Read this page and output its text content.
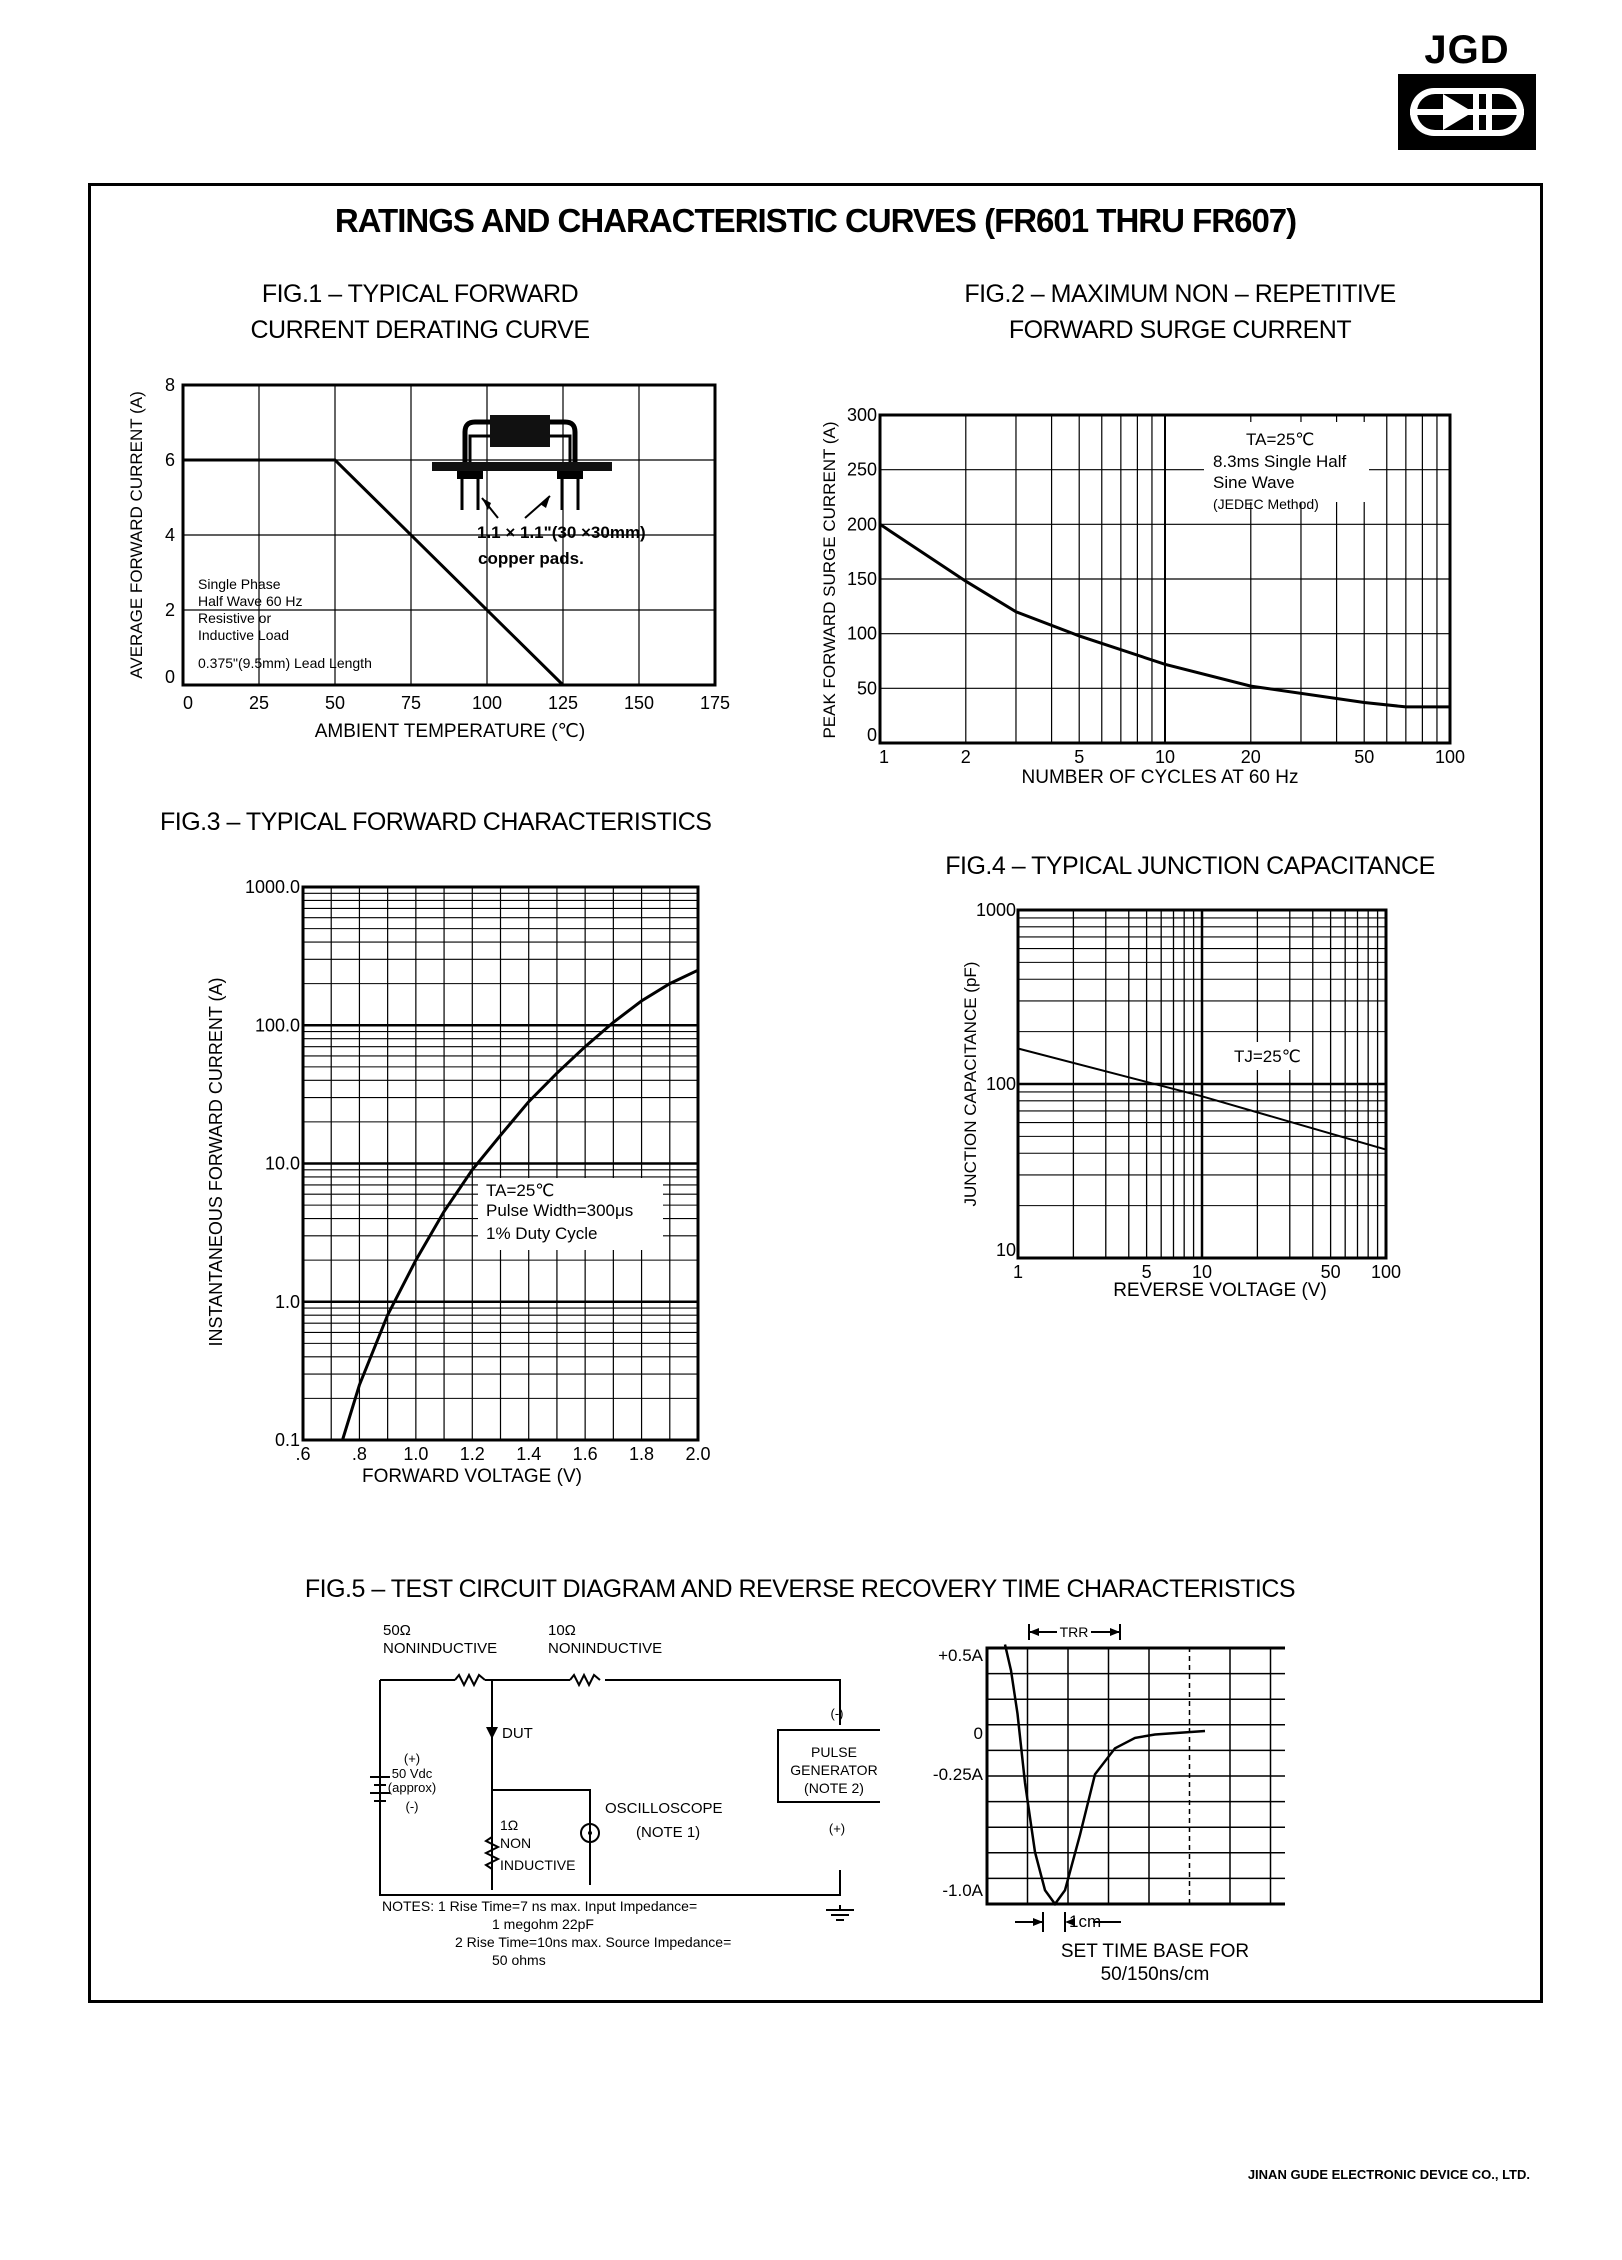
JGD
RATINGS AND CHARACTERISTIC CURVES (FR601 THRU FR607)
FIG.1 – TYPICAL FORWARD
CURRENT DERATING CURVE
0	25	50	75	100	125	150	175
0
2
4
6
8
1.1 × 1.1"(30 ×30mm)
copper pads.
Single Phase
Half Wave 60 Hz
Resistive or
Inductive Load
0.375"(9.5mm) Lead Length
AVERAGE FORWARD CURRENT (A)
AMBIENT TEMPERATURE (℃)
FIG.2 – MAXIMUM NON – REPETITIVE
FORWARD SURGE CURRENT
1	2	5	10	20	50	100
0
50
100
150
200
250
300
TA=25℃
8.3ms Single Half
Sine Wave
(JEDEC Method)
PEAK FORWARD SURGE CURRENT (A)
NUMBER OF CYCLES AT 60 Hz
FIG.3 – TYPICAL FORWARD CHARACTERISTICS
.6 .8 1.0 1.2 1.4 1.6 1.8 2.0
0.1
1.0
10.0
100.0
1000.0
TA=25℃
Pulse Width=300μs
1% Duty Cycle
INSTANTANEOUS FORWARD CURRENT (A)
FORWARD VOLTAGE (V)
FIG.4 – TYPICAL JUNCTION CAPACITANCE
1	5 10	50 100
10
100
1000
TJ=25℃
JUNCTION CAPACITANCE (pF)
REVERSE VOLTAGE (V)
FIG.5 – TEST CIRCUIT DIAGRAM AND REVERSE RECOVERY TIME CHARACTERISTICS
50Ω
NONINDUCTIVE
10Ω
NONINDUCTIVE
DUT
(+)
50 Vdc
(approx)
(-)
1Ω
NON
INDUCTIVE
OSCILLOSCOPE
(NOTE 1)
PULSE
GENERATOR
(NOTE 2)
(-)
(+)
NOTES: 1 Rise Time=7 ns max. Input Impedance=
1 megohm 22pF
2 Rise Time=10ns max. Source Impedance=
50 ohms
TRR
+0.5A
0
-0.25A
-1.0A
1cm
SET TIME BASE FOR
50/150ns/cm
JINAN GUDE ELECTRONIC DEVICE CO., LTD.
